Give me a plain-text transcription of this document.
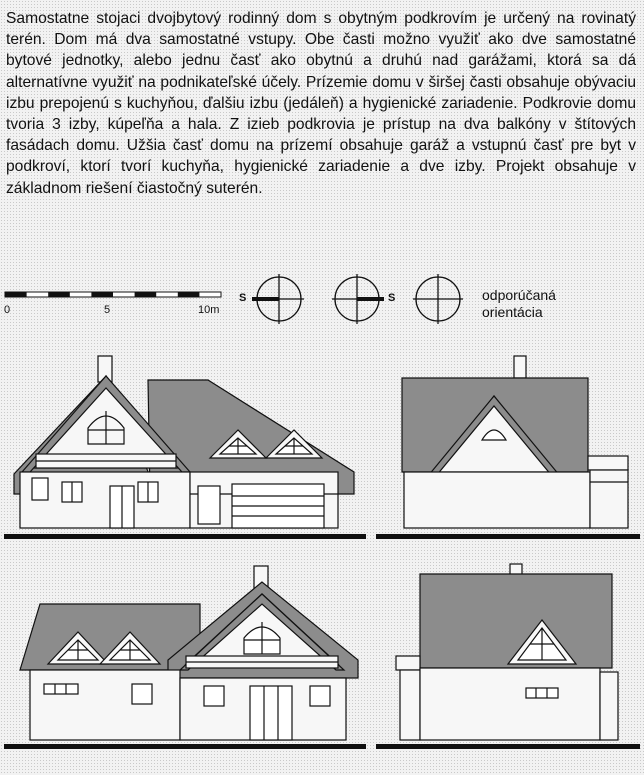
Samostatne stojaci dvojbytový rodinný dom s obytným podkrovím je určený na rovinatý terén. Dom má dva samostatné vstupy. Obe časti možno využiť ako dve samostatné bytové jednotky, alebo jednu časť ako obytnú a druhú nad garážami, ktorá sa dá alternatívne využiť na podnikateľské účely. Prízemie domu v širšej časti obsahuje obývaciu izbu prepojenú s kuchyňou, ďalšiu izbu (jedáleň) a hygienické zariadenie. Podkrovie domu tvoria 3 izby, kúpeľňa a hala. Z izieb podkrovia je prístup na dva balkóny v štítových fasádach domu. Užšia časť domu na prízemí obsahuje garáž a vstupnú časť pre byt v podkroví, ktorí tvorí kuchyňa, hygienické zariadenie a dve izby. Projekt obsahuje v základnom riešení čiastočný suterén.

0	5	10m
S	S	odporúčaná
orientácia
